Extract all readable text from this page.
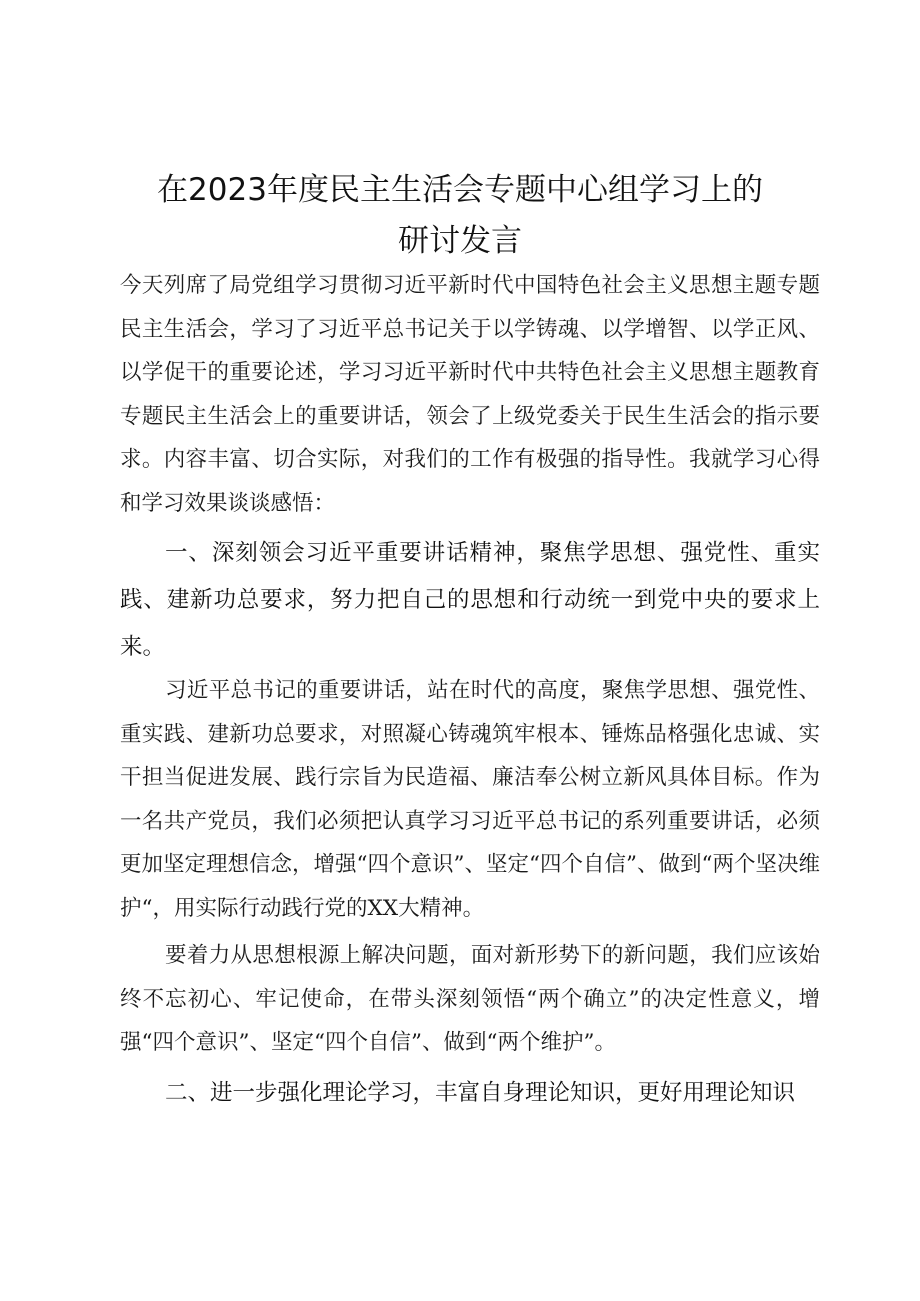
在2023年度民主生活会专题中心组学习上的
研讨发言

今天列席了局党组学习贯彻习近平新时代中国特色社会主义思想主题专题民主生活会，学习了习近平总书记关于以学铸魂、以学增智、以学正风、以学促干的重要论述，学习习近平新时代中共特色社会主义思想主题教育专题民主生活会上的重要讲话，领会了上级党委关于民生生活会的指示要求。内容丰富、切合实际，对我们的工作有极强的指导性。我就学习心得和学习效果谈谈感悟：

一、深刻领会习近平重要讲话精神，聚焦学思想、强党性、重实践、建新功总要求，努力把自己的思想和行动统一到党中央的要求上来。

习近平总书记的重要讲话，站在时代的高度，聚焦学思想、强党性、重实践、建新功总要求，对照凝心铸魂筑牢根本、锤炼品格强化忠诚、实干担当促进发展、践行宗旨为民造福、廉洁奉公树立新风具体目标。作为一名共产党员，我们必须把认真学习习近平总书记的系列重要讲话，必须更加坚定理想信念，增强“四个意识”、坚定“四个自信”、做到“两个坚决维护“，用实际行动践行党的XX大精神。

要着力从思想根源上解决问题，面对新形势下的新问题，我们应该始终不忘初心、牢记使命，在带头深刻领悟“两个确立”的决定性意义，增强“四个意识”、坚定“四个自信”、做到“两个维护”。

二、进一步强化理论学习，丰富自身理论知识，更好用理论知识
